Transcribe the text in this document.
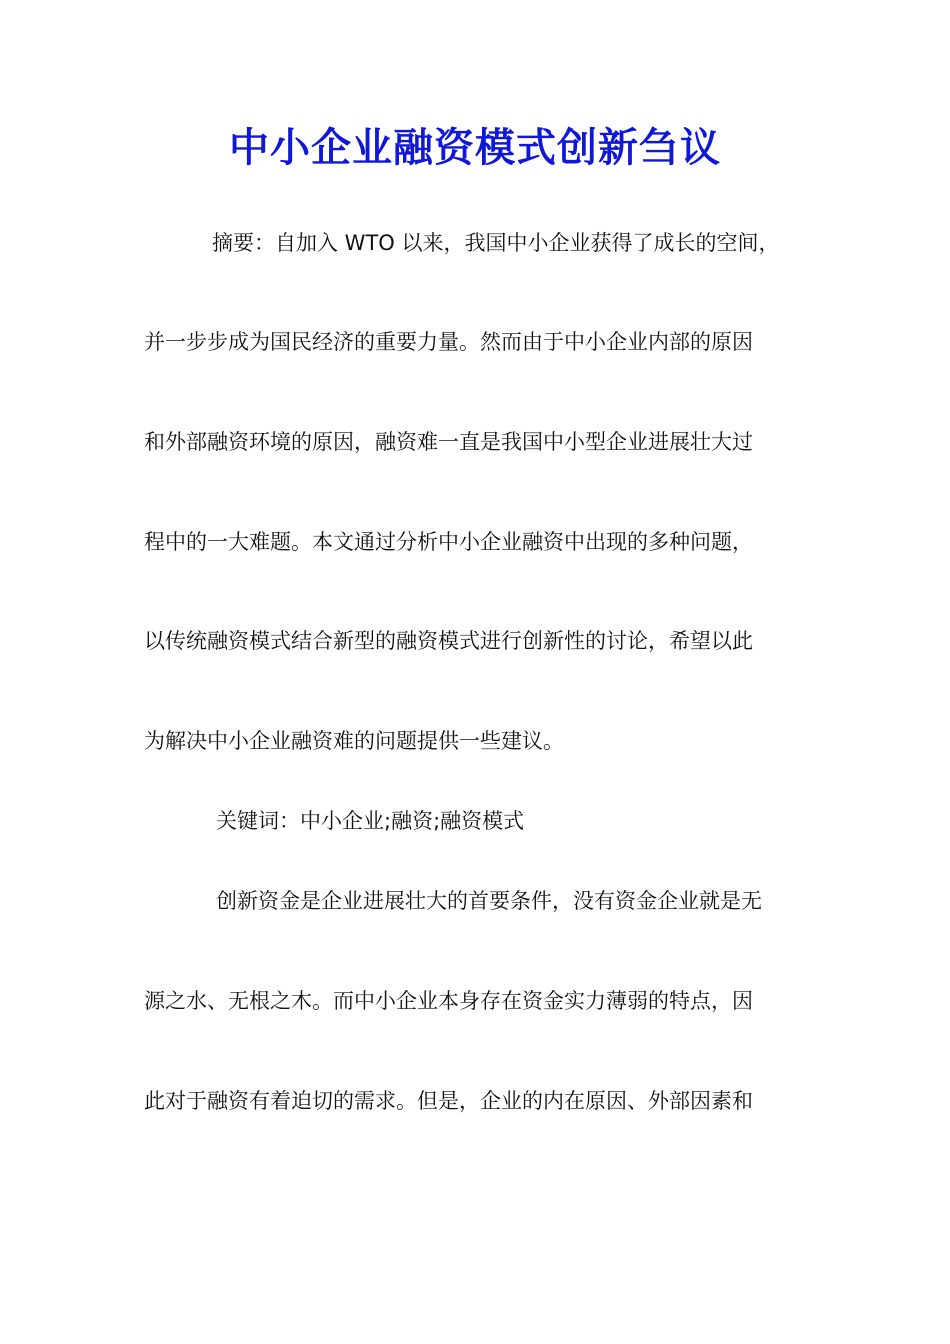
中小企业融资模式创新刍议
摘要：自加入 WTO 以来，我国中小企业获得了成长的空间，
并一步步成为国民经济的重要力量。然而由于中小企业内部的原因
和外部融资环境的原因，融资难一直是我国中小型企业进展壮大过
程中的一大难题。本文通过分析中小企业融资中出现的多种问题，
以传统融资模式结合新型的融资模式进行创新性的讨论，希望以此
为解决中小企业融资难的问题提供一些建议。
关键词：中小企业;融资;融资模式
创新资金是企业进展壮大的首要条件，没有资金企业就是无
源之水、无根之木。而中小企业本身存在资金实力薄弱的特点，因
此对于融资有着迫切的需求。但是，企业的内在原因、外部因素和
